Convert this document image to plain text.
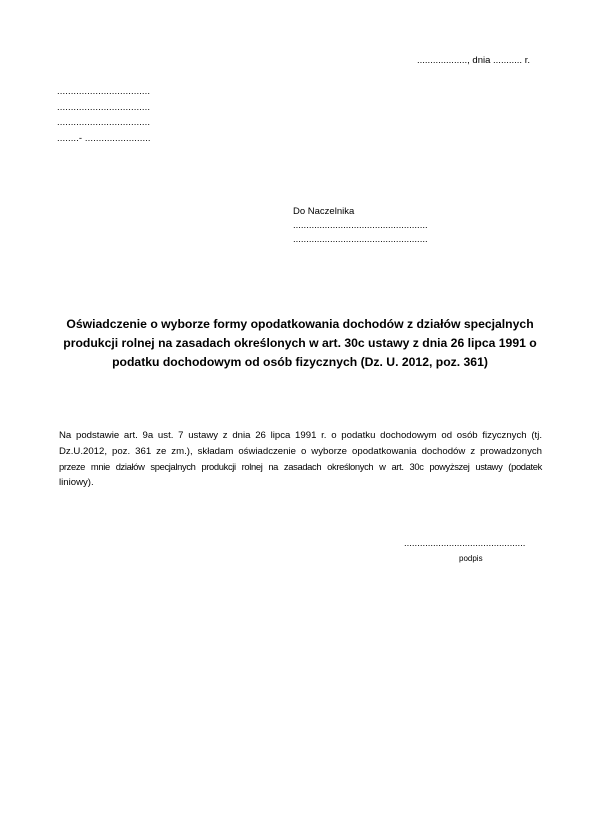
..................., dnia ........... r.

..................................
..................................
..................................
........- ........................
Do Naczelnika
...................................................
...................................................
Oświadczenie o wyborze formy opodatkowania dochodów z działów specjalnych
produkcji rolnej na zasadach określonych w art. 30c ustawy z dnia 26 lipca 1991 o
podatku dochodowym od osób fizycznych (Dz. U. 2012, poz. 361)
Na podstawie art. 9a ust. 7 ustawy z dnia 26 lipca 1991 r. o podatku dochodowym od osób fizycznych (tj.
Dz.U.2012, poz. 361 ze zm.), składam oświadczenie o wyborze opodatkowania dochodów z prowadzonych
przeze mnie działów specjalnych produkcji rolnej na zasadach określonych w art. 30c powyższej ustawy (podatek
liniowy).

..............................................

podpis
